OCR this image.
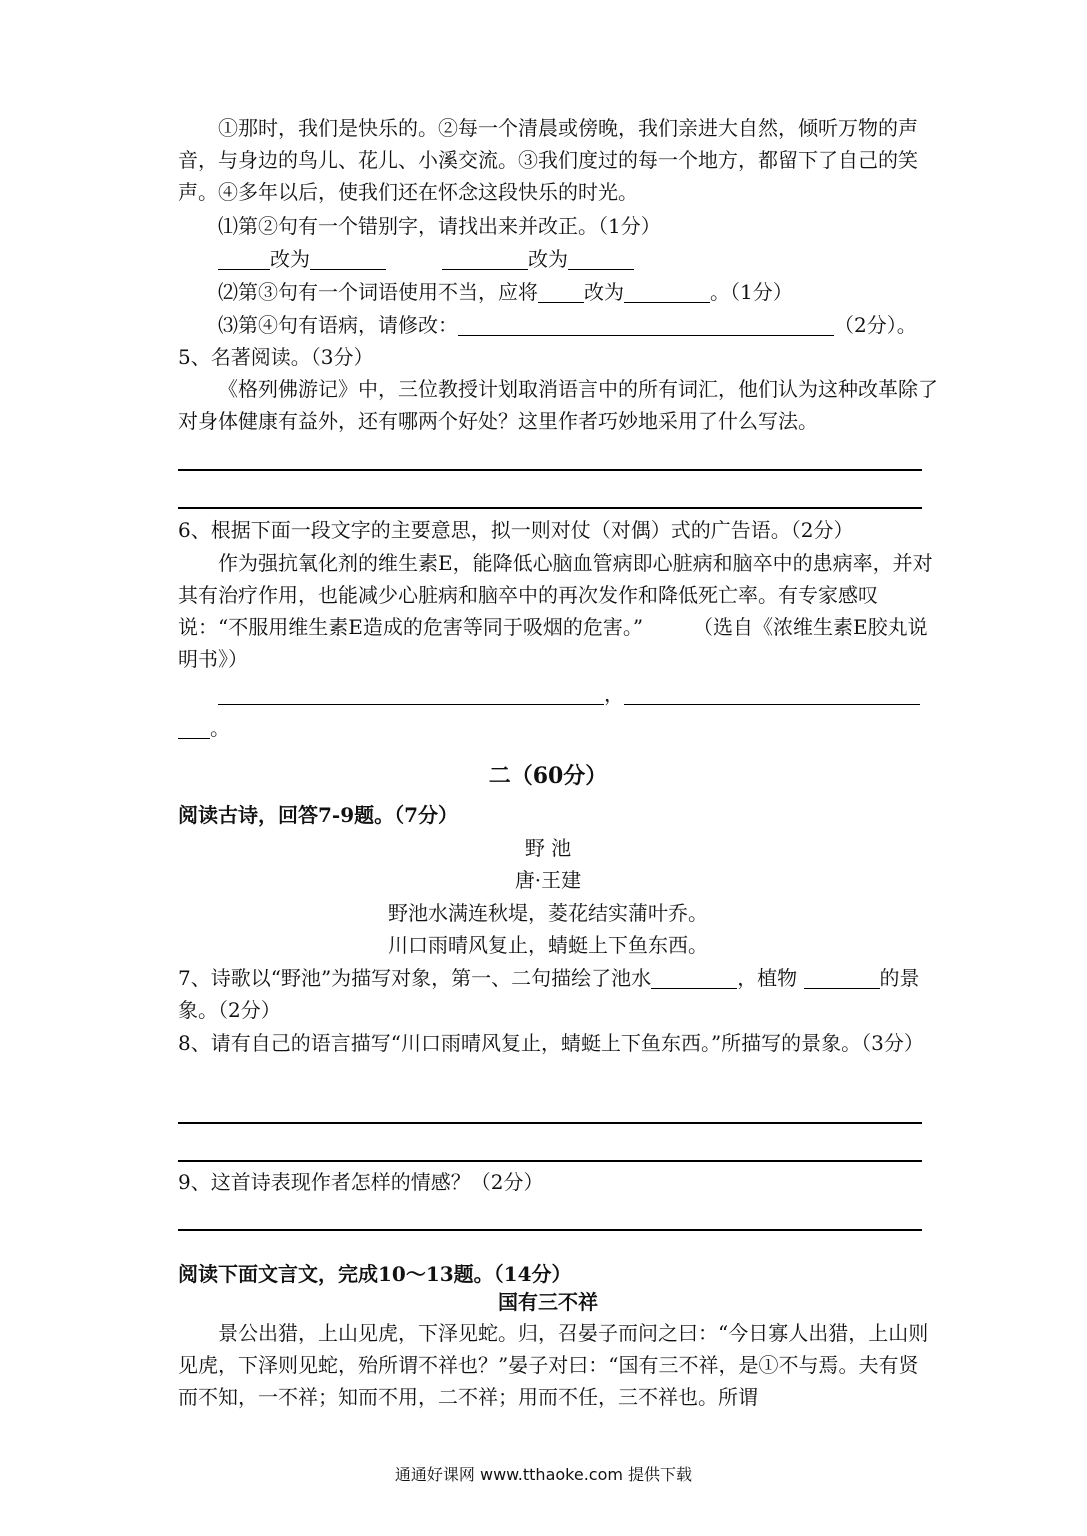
①那时，我们是快乐的。②每一个清晨或傍晚，我们亲进大自然，倾听万物的声音，与身边的鸟儿、花儿、小溪交流。③我们度过的每一个地方，都留下了自己的笑声。④多年以后，使我们还在怀念这段快乐的时光。
⑴第②句有一个错别字，请找出来并改正。（1分）
改为	改为
⑵第③句有一个词语使用不当，应将 改为	。（1分）
⑶第④句有语病，请修改：	（2分）。
5、名著阅读。（3分）
《格列佛游记》中，三位教授计划取消语言中的所有词汇，他们认为这种改革除了对身体健康有益外，还有哪两个好处？这里作者巧妙地采用了什么写法。
6、根据下面一段文字的主要意思，拟一则对仗（对偶）式的广告语。（2分）
作为强抗氧化剂的维生素E，能降低心脑血管病即心脏病和脑卒中的患病率，并对其有治疗作用，也能减少心脏病和脑卒中的再次发作和降低死亡率。有专家感叹说：“不服用维生素E造成的危害等同于吸烟的危害。”　　　（选自《浓维生素E胶丸说明书》）
，
。
二（60分）
阅读古诗，回答7-9题。（7分）
野 池
唐·王建
野池水满连秋堤，菱花结实蒲叶乔。
川口雨晴风复止，蜻蜓上下鱼东西。
7、诗歌以“野池”为描写对象，第一、二句描绘了池水	，植物	的景象。（2分）
8、请有自己的语言描写“川口雨晴风复止，蜻蜓上下鱼东西。”所描写的景象。（3分）
9、这首诗表现作者怎样的情感？（2分）
阅读下面文言文，完成10～13题。（14分）
国有三不祥
景公出猎，上山见虎，下泽见蛇。归，召晏子而问之曰：“今日寡人出猎，上山则见虎，下泽则见蛇，殆所谓不祥也？”晏子对曰：“国有三不祥，是①不与焉。夫有贤而不知，一不祥；知而不用，二不祥；用而不任，三不祥也。所谓
通通好课网 www.tthaoke.com 提供下载
